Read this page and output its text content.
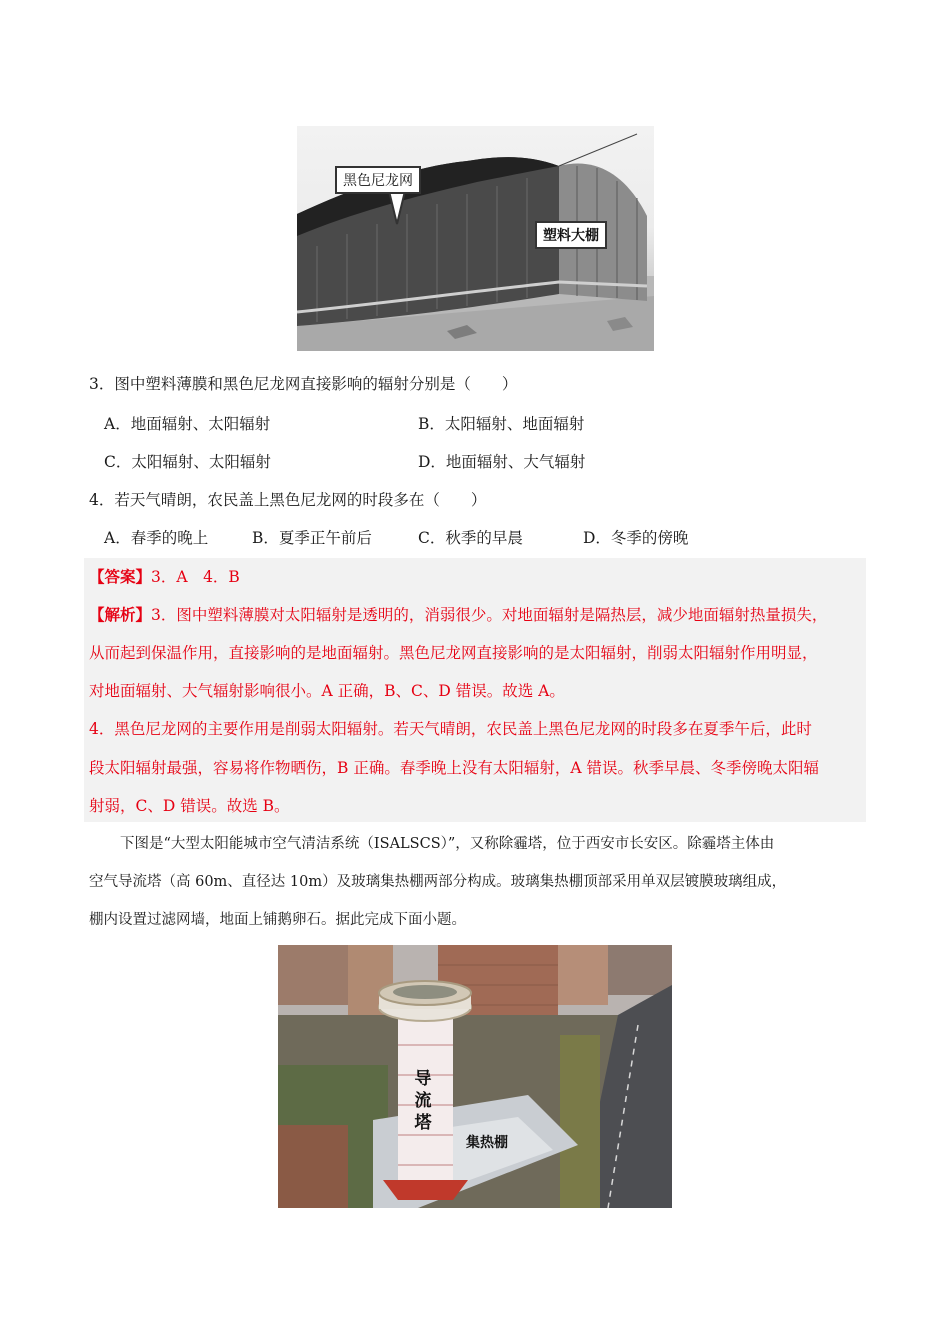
黑色尼龙网
塑料大棚
3．图中塑料薄膜和黑色尼龙网直接影响的辐射分别是（　　）
A．地面辐射、太阳辐射	B．太阳辐射、地面辐射
C．太阳辐射、太阳辐射	D．地面辐射、大气辐射
4．若天气晴朗，农民盖上黑色尼龙网的时段多在（　　）
A．春季的晚上	B．夏季正午前后	C．秋季的早晨	D．冬季的傍晚
【答案】3．A　4．B
【解析】3．图中塑料薄膜对太阳辐射是透明的，消弱很少。对地面辐射是隔热层，减少地面辐射热量损失，
从而起到保温作用，直接影响的是地面辐射。黑色尼龙网直接影响的是太阳辐射，削弱太阳辐射作用明显，
对地面辐射、大气辐射影响很小。A 正确，B、C、D 错误。故选 A。
4．黑色尼龙网的主要作用是削弱太阳辐射。若天气晴朗，农民盖上黑色尼龙网的时段多在夏季午后，此时
段太阳辐射最强，容易将作物晒伤，B 正确。春季晚上没有太阳辐射，A 错误。秋季早晨、冬季傍晚太阳辐
射弱，C、D 错误。故选 B。
下图是“大型太阳能城市空气清洁系统（ISALSCS）”，又称除霾塔，位于西安市长安区。除霾塔主体由
空气导流塔（高 60m、直径达 10m）及玻璃集热棚两部分构成。玻璃集热棚顶部采用单双层镀膜玻璃组成，
棚内设置过滤网墙，地面上铺鹅卵石。据此完成下面小题。
导流塔
集热棚
